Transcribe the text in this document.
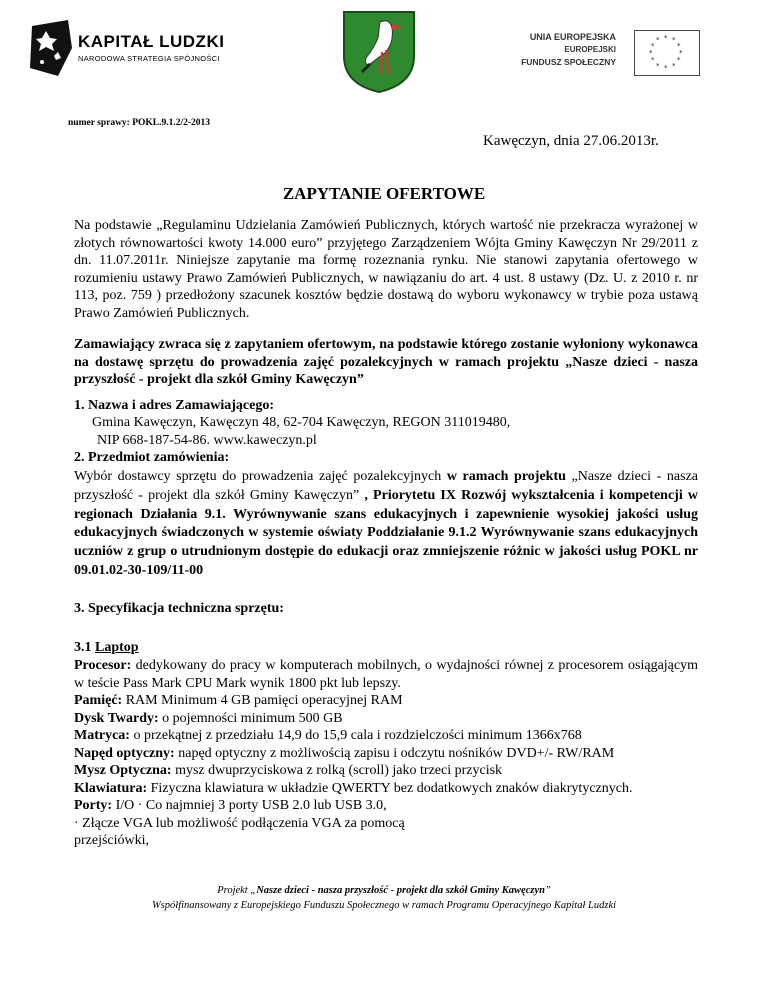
KAPITAŁ LUDZKI
NARODOWA STRATEGIA SPÓJNOŚCI
UNIA EUROPEJSKA
EUROPEJSKI
FUNDUSZ SPOŁECZNY
* *
*
*
*
*
*
*
*
*
*
*
numer sprawy: POKL.9.1.2/2-2013
Kawęczyn, dnia 27.06.2013r.
ZAPYTANIE OFERTOWE
Na podstawie „Regulaminu Udzielania Zamówień Publicznych, których wartość nie przekracza wyrażonej w złotych równowartości kwoty 14.000 euro” przyjętego Zarządzeniem Wójta Gminy Kawęczyn Nr 29/2011 z dn. 11.07.2011r. Niniejsze zapytanie ma formę rozeznania rynku. Nie stanowi zapytania ofertowego w rozumieniu ustawy Prawo Zamówień Publicznych, w nawiązaniu do art. 4 ust. 8 ustawy (Dz. U. z 2010 r. nr 113, poz. 759 ) przedłożony szacunek kosztów będzie dostawą do wyboru wykonawcy w trybie poza ustawą Prawo Zamówień Publicznych.
Zamawiający zwraca się z zapytaniem ofertowym, na podstawie którego zostanie wyłoniony wykonawca na dostawę sprzętu do prowadzenia zajęć pozalekcyjnych w ramach projektu „Nasze dzieci - nasza przyszłość - projekt dla szkół Gminy Kawęczyn”
1. Nazwa i adres Zamawiającego:
Gmina Kawęczyn, Kawęczyn 48, 62-704 Kawęczyn, REGON 311019480,
NIP 668-187-54-86. www.kaweczyn.pl
2. Przedmiot zamówienia:
Wybór dostawcy sprzętu do prowadzenia zajęć pozalekcyjnych w ramach projektu „Nasze dzieci - nasza przyszłość - projekt dla szkół Gminy Kawęczyn” , Priorytetu IX Rozwój wykształcenia i kompetencji w regionach Działania 9.1. Wyrównywanie szans edukacyjnych i zapewnienie wysokiej jakości usług edukacyjnych świadczonych w systemie oświaty Poddziałanie 9.1.2 Wyrównywanie szans edukacyjnych uczniów z grup o utrudnionym dostępie do edukacji oraz zmniejszenie różnic w jakości usług POKL nr 09.01.02-30-109/11-00
3. Specyfikacja techniczna sprzętu:
3.1 Laptop
Procesor: dedykowany do pracy w komputerach mobilnych, o wydajności równej z procesorem osiągającym w teście Pass Mark CPU Mark wynik 1800 pkt lub lepszy.
Pamięć: RAM Minimum 4 GB pamięci operacyjnej RAM
Dysk Twardy: o pojemności minimum 500 GB
Matryca: o przekątnej z przedziału 14,9 do 15,9 cala i rozdzielczości minimum 1366x768
Napęd optyczny: napęd optyczny z możliwością zapisu i odczytu nośników DVD+/- RW/RAM
Mysz Optyczna: mysz dwuprzyciskowa z rolką (scroll) jako trzeci przycisk
Klawiatura: Fizyczna klawiatura w układzie QWERTY bez dodatkowych znaków diakrytycznych.
Porty: I/O · Co najmniej 3 porty USB 2.0 lub USB 3.0,
· Złącze VGA lub możliwość podłączenia VGA za pomocą
przejściówki,
Projekt „Nasze dzieci - nasza przyszłość - projekt dla szkół Gminy Kawęczyn”
Współfinansowany z Europejskiego Funduszu Społecznego w ramach Programu Operacyjnego Kapitał Ludzki
